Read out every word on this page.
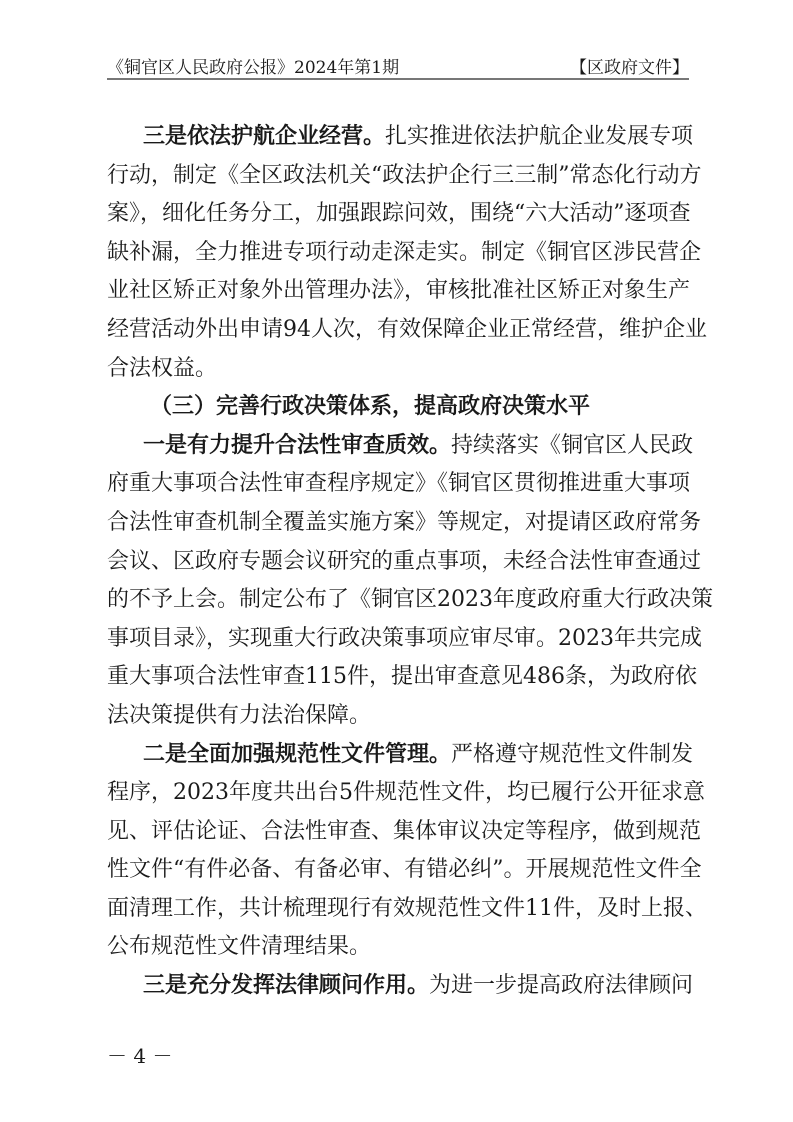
《铜官区人民政府公报》2024年第1期	【区政府文件】
三是依法护航企业经营。扎实推进依法护航企业发展专项
行动，制定《全区政法机关“政法护企行三三制”常态化行动方
案》，细化任务分工，加强跟踪问效，围绕“六大活动”逐项查
缺补漏，全力推进专项行动走深走实。制定《铜官区涉民营企
业社区矫正对象外出管理办法》，审核批准社区矫正对象生产
经营活动外出申请94人次，有效保障企业正常经营，维护企业
合法权益。
（三）完善行政决策体系，提高政府决策水平
一是有力提升合法性审查质效。持续落实《铜官区人民政
府重大事项合法性审查程序规定》《铜官区贯彻推进重大事项
合法性审查机制全覆盖实施方案》等规定，对提请区政府常务
会议、区政府专题会议研究的重点事项，未经合法性审查通过
的不予上会。制定公布了《铜官区2023年度政府重大行政决策
事项目录》，实现重大行政决策事项应审尽审。2023年共完成
重大事项合法性审查115件，提出审查意见486条，为政府依
法决策提供有力法治保障。
二是全面加强规范性文件管理。严格遵守规范性文件制发
程序，2023年度共出台5件规范性文件，均已履行公开征求意
见、评估论证、合法性审查、集体审议决定等程序，做到规范
性文件“有件必备、有备必审、有错必纠”。开展规范性文件全
面清理工作，共计梳理现行有效规范性文件11件，及时上报、
公布规范性文件清理结果。
三是充分发挥法律顾问作用。为进一步提高政府法律顾问
－ 4 －
